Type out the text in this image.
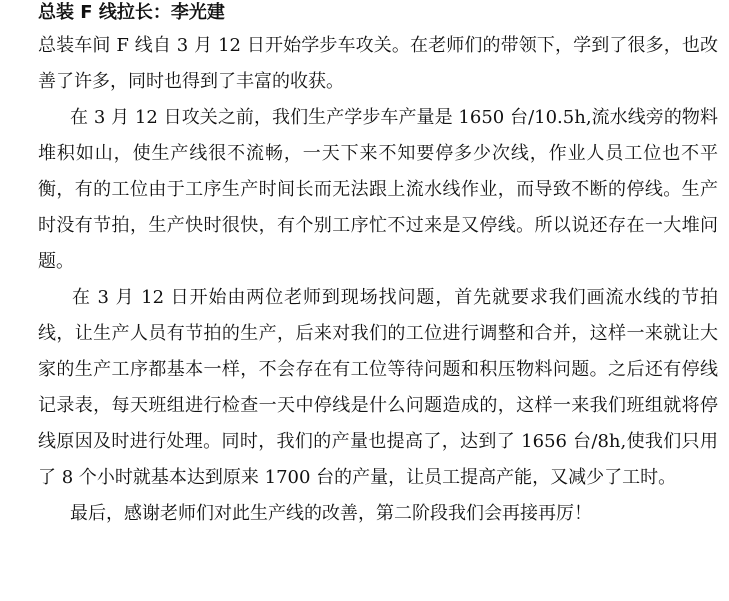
总装 F 线拉长：李光建

总装车间 F 线自 3 月 12 日开始学步车攻关。在老师们的带领下，学到了很多，也改善了许多，同时也得到了丰富的收获。

在 3 月 12 日攻关之前，我们生产学步车产量是 1650 台/10.5h,流水线旁的物料堆积如山，使生产线很不流畅，一天下来不知要停多少次线，作业人员工位也不平衡，有的工位由于工序生产时间长而无法跟上流水线作业，而导致不断的停线。生产时没有节拍，生产快时很快，有个别工序忙不过来是又停线。所以说还存在一大堆问题。

在 3 月 12 日开始由两位老师到现场找问题，首先就要求我们画流水线的节拍线，让生产人员有节拍的生产，后来对我们的工位进行调整和合并，这样一来就让大家的生产工序都基本一样，不会存在有工位等待问题和积压物料问题。之后还有停线记录表，每天班组进行检查一天中停线是什么问题造成的，这样一来我们班组就将停线原因及时进行处理。同时，我们的产量也提高了，达到了 1656 台/8h,使我们只用了 8 个小时就基本达到原来 1700 台的产量，让员工提高产能，又减少了工时。

最后，感谢老师们对此生产线的改善，第二阶段我们会再接再厉！
